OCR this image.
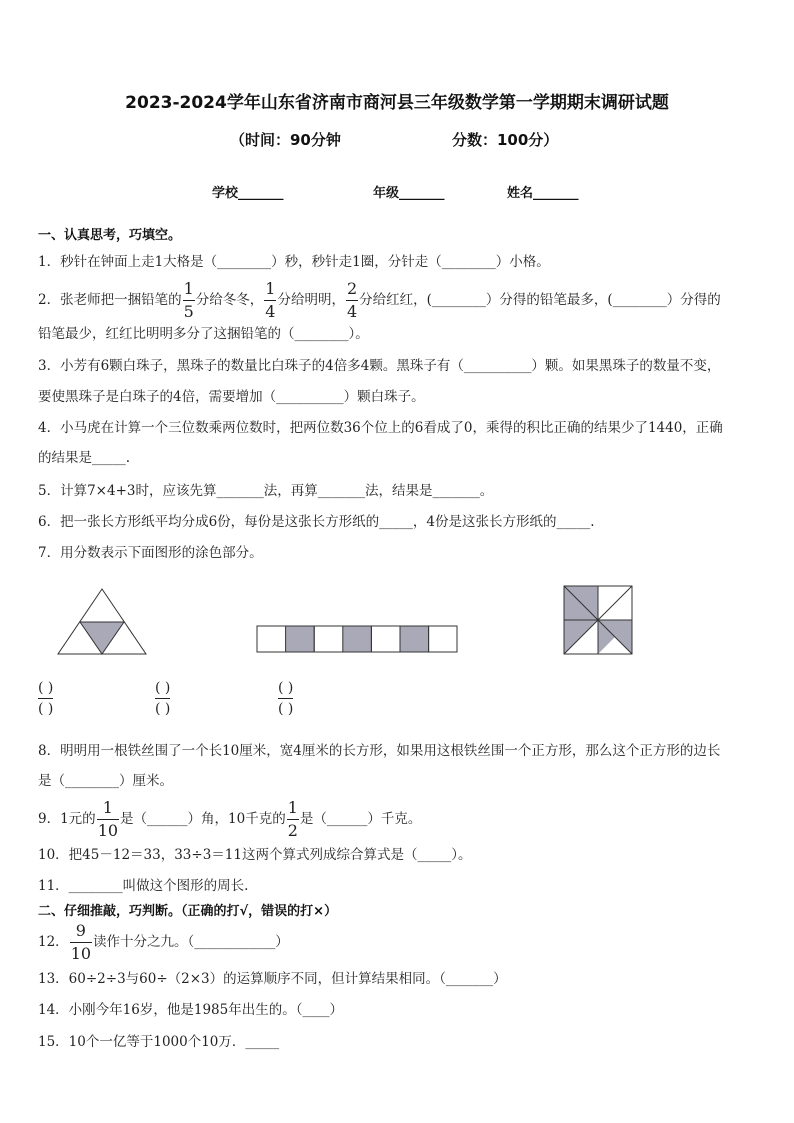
2023-2024学年山东省济南市商河县三年级数学第一学期期末调研试题
（时间：90分钟	分数：100分）
学校_______	年级_______	姓名_______
一、认真思考，巧填空。
1．秒针在钟面上走1大格是（________）秒，秒针走1圈，分针走（________）小格。
2．张老师把一捆铅笔的 $\frac{1}{5}$ 分给冬冬， $\frac{1}{4}$ 分给明明， $\frac{2}{4}$ 分给红红，(________）分得的铅笔最多，(________）分得的
铅笔最少，红红比明明多分了这捆铅笔的（________）。
3．小芳有6颗白珠子，黑珠子的数量比白珠子的4倍多4颗。黑珠子有（__________）颗。如果黑珠子的数量不变，
要使黑珠子是白珠子的4倍，需要增加（__________）颗白珠子。
4．小马虎在计算一个三位数乘两位数时，把两位数36个位上的6看成了0，乘得的积比正确的结果少了1440，正确
的结果是_____.
5．计算7×4+3时，应该先算_______法，再算_______法，结果是_______。
6．把一张长方形纸平均分成6份，每份是这张长方形纸的_____，4份是这张长方形纸的_____.
7．用分数表示下面图形的涂色部分。
( )
( )
( )
( )
( )
( )
8．明明用一根铁丝围了一个长10厘米，宽4厘米的长方形，如果用这根铁丝围一个正方形，那么这个正方形的边长
是（________）厘米。
9．1元的 $\frac{1}{10}$ 是（______）角，10千克的 $\frac{1}{2}$ 是（______）千克。
10．把45－12＝33，33÷3＝11这两个算式列成综合算式是（_____）。
11．________叫做这个图形的周长.
二、仔细推敲，巧判断。（正确的打√，错误的打×）
12． $\frac{9}{10}$ 读作十分之九。（____________）
13．60÷2÷3与60÷（2×3）的运算顺序不同，但计算结果相同。（_______）
14．小刚今年16岁，他是1985年出生的。（____）
15．10个一亿等于1000个10万．_____
